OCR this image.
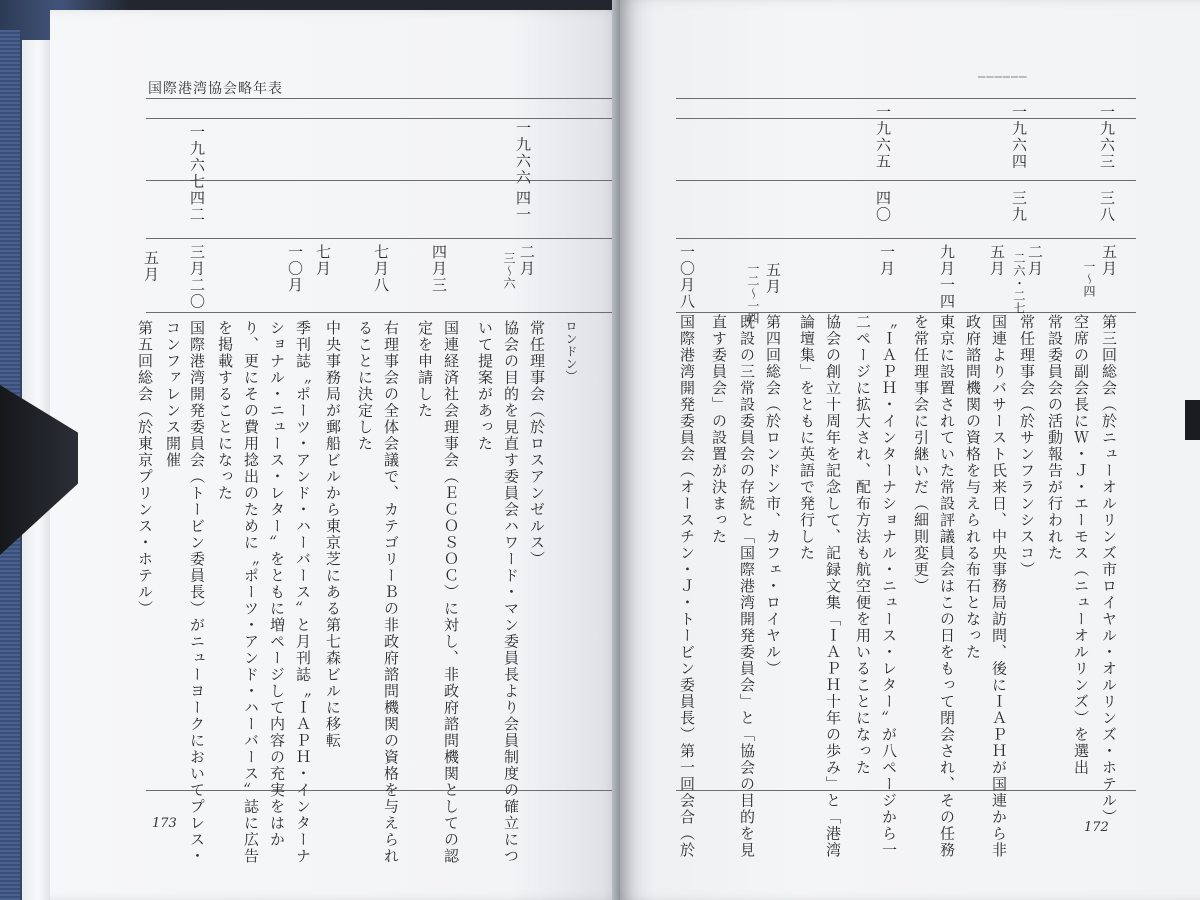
国際港湾協会略年表
一九六六
四一
一九六七
四二
二月
三〜六
四月三
七月八
七月
一〇月
三月二〇
五月
ロンドン）
常任理事会（於ロスアンゼルス）
協会の目的を見直す委員会ハワード・マン委員長より会員制度の確立につ
いて提案があった
国連経済社会理事会（ＥＣＯＳＯＣ）に対し、非政府諮問機関としての認
定を申請した
右理事会の全体会議で、カテゴリーＢの非政府諮問機関の資格を与えられ
ることに決定した
中央事務局が郵船ビルから東京芝にある第七森ビルに移転
季刊誌〝ポーツ・アンド・ハーバース〟と月刊誌〝ＩＡＰＨ・インターナ
ショナル・ニュース・レター〟をともに増ページして内容の充実をはか
り、更にその費用捻出のために〝ポーツ・アンド・ハーバース〟誌に広告
を掲載することになった
国際港湾開発委員会（トービン委員長）がニューヨークにおいてプレス・
コンファレンス開催
第五回総会（於東京プリンス・ホテル）
173
━━━━━━
一九六三
三八
一九六四
三九
一九六五
四〇
五月
一〜四
二月
二六・二七
五月
九月一四
一月
五月
一二〜一四
一〇月八
第三回総会（於ニューオルリンズ市ロイヤル・オルリンズ・ホテル）
空席の副会長にＷ・Ｊ・エーモス（ニューオルリンズ）を選出
常設委員会の活動報告が行われた
常任理事会（於サンフランシスコ）
国連よりバサースト氏来日、中央事務局訪問、後にＩＡＰＨが国連から非
政府諮問機関の資格を与えられる布石となった
東京に設置されていた常設評議員会はこの日をもって閉会され、その任務
を常任理事会に引継いだ（細則変更）
〝ＩＡＰＨ・インターナショナル・ニュース・レター〟が八ページから一
二ページに拡大され、配布方法も航空便を用いることになった
協会の創立十周年を記念して、記録文集「ＩＡＰＨ十年の歩み」と「港湾
論壇集」をともに英語で発行した
第四回総会（於ロンドン市、カフェ・ロイヤル）
既設の三常設委員会の存続と「国際港湾開発委員会」と「協会の目的を見
直す委員会」の設置が決まった
国際港湾開発委員会（オースチン・Ｊ・トービン委員長）第一回会合（於	172
